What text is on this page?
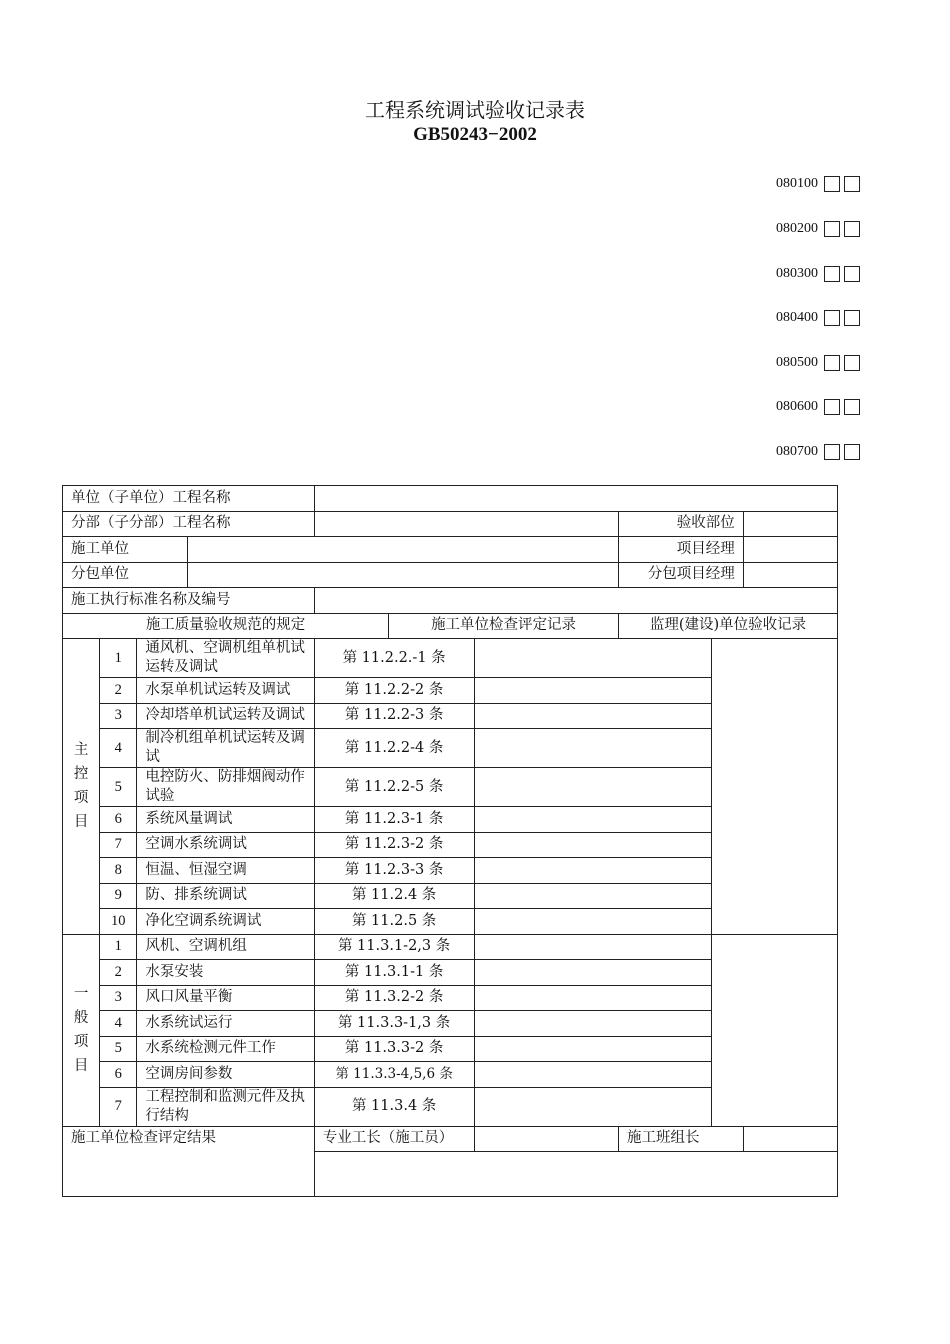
工程系统调试验收记录表
GB50243−2002
080100
080200
080300
080400
080500
080600
080700
单位（子单位）工程名称									
分部（子分部）工程名称							验收部位		
施工单位							项目经理		
分包单位							分包项目经理		
施工执行标准名称及编号									
施工质量验收规范的规定					施工单位检查评定记录		监理(建设)单位验收记录		
主
控
项
目	1	通风机、空调机组单机试运转及调试		第 11.2.2.-1 条					
	2	水泵单机试运转及调试		第 11.2.2-2 条					
	3	冷却塔单机试运转及调试		第 11.2.2-3 条					
	4	制冷机组单机试运转及调试		第 11.2.2-4 条					
	5	电控防火、防排烟阀动作试验		第 11.2.2-5 条					
	6	系统风量调试		第 11.2.3-1 条					
	7	空调水系统调试		第 11.2.3-2 条					
	8	恒温、恒湿空调		第 11.2.3-3 条					
	9	防、排系统调试		第 11.2.4 条					
	10	净化空调系统调试		第 11.2.5 条					
一
般
项
目	1	风机、空调机组		第 11.3.1-2,3 条					
	2	水泵安装		第 11.3.1-1 条					
	3	风口风量平衡		第 11.3.2-2 条					
	4	水系统试运行		第 11.3.3-1,3 条					
	5	水系统检测元件工作		第 11.3.3-2 条					
	6	空调房间参数		第 11.3.3-4,5,6 条					
	7	工程控制和监测元件及执行结构		第 11.3.4 条					
施工单位检查评定结果				专业工长（施工员）			施工班组长		
